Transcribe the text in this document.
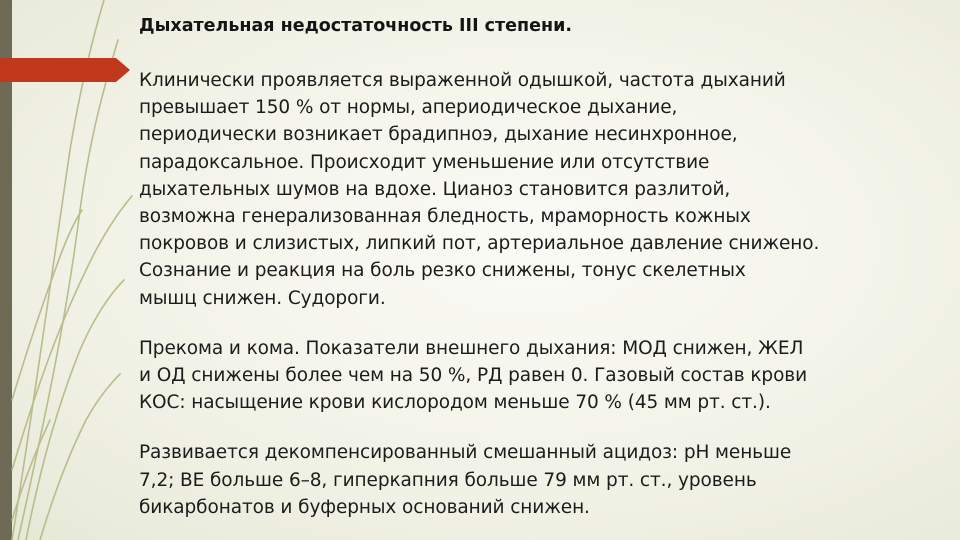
Дыхательная недостаточность III степени.
Клинически проявляется выраженной одышкой, частота дыханий
превышает 150 % от нормы, апериодическое дыхание,
периодически возникает брадипноэ, дыхание несинхронное,
парадоксальное. Происходит уменьшение или отсутствие
дыхательных шумов на вдохе. Цианоз становится разлитой,
возможна генерализованная бледность, мраморность кожных
покровов и слизистых, липкий пот, артериальное давление снижено.
Сознание и реакция на боль резко снижены, тонус скелетных
мышц снижен. Судороги.
Прекома и кома. Показатели внешнего дыхания: МОД снижен, ЖЕЛ
и ОД снижены более чем на 50 %, РД равен 0. Газовый состав крови
КОС: насыщение крови кислородом меньше 70 % (45 мм рт. ст.).
Развивается декомпенсированный смешанный ацидоз: pH меньше
7,2; BE больше 6–8, гиперкапния больше 79 мм рт. ст., уровень
бикарбонатов и буферных оснований снижен.
